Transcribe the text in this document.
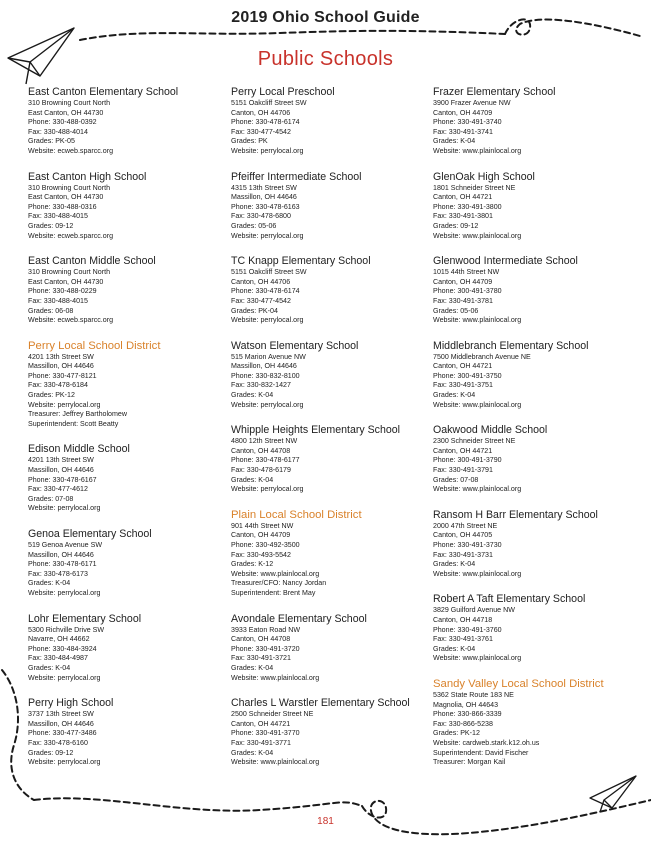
2019 Ohio School Guide
Public Schools
East Canton Elementary School
310 Browning Court North
East Canton, OH 44730
Phone: 330-488-0392
Fax: 330-488-4014
Grades: PK-05
Website: ecweb.sparcc.org
East Canton High School
310 Browning Court North
East Canton, OH 44730
Phone: 330-488-0316
Fax: 330-488-4015
Grades: 09-12
Website: ecweb.sparcc.org
East Canton Middle School
310 Browning Court North
East Canton, OH 44730
Phone: 330-488-0229
Fax: 330-488-4015
Grades: 06-08
Website: ecweb.sparcc.org
Perry Local School District
4201 13th Street SW
Massillon, OH 44646
Phone: 330-477-8121
Fax: 330-478-6184
Grades: PK-12
Website: perrylocal.org
Treasurer: Jeffrey Bartholomew
Superintendent: Scott Beatty
Edison Middle School
4201 13th Street SW
Massillon, OH 44646
Phone: 330-478-6167
Fax: 330-477-4612
Grades: 07-08
Website: perrylocal.org
Genoa Elementary School
519 Genoa Avenue SW
Massillon, OH 44646
Phone: 330-478-6171
Fax: 330-478-6173
Grades: K-04
Website: perrylocal.org
Lohr Elementary School
5300 Richville Drive SW
Navarre, OH 44662
Phone: 330-484-3924
Fax: 330-484-4987
Grades: K-04
Website: perrylocal.org
Perry High School
3737 13th Street SW
Massillon, OH 44646
Phone: 330-477-3486
Fax: 330-478-6160
Grades: 09-12
Website: perrylocal.org
Perry Local Preschool
5151 Oakcliff Street SW
Canton, OH 44706
Phone: 330-478-6174
Fax: 330-477-4542
Grades: PK
Website: perrylocal.org
Pfeiffer Intermediate School
4315 13th Street SW
Massillon, OH 44646
Phone: 330-478-6163
Fax: 330-478-6800
Grades: 05-06
Website: perrylocal.org
TC Knapp Elementary School
5151 Oakcliff Street SW
Canton, OH 44706
Phone: 330-478-6174
Fax: 330-477-4542
Grades: PK-04
Website: perrylocal.org
Watson Elementary School
515 Marion Avenue NW
Massillon, OH 44646
Phone: 330-832-8100
Fax: 330-832-1427
Grades: K-04
Website: perrylocal.org
Whipple Heights Elementary School
4800 12th Street NW
Canton, OH 44708
Phone: 330-478-6177
Fax: 330-478-6179
Grades: K-04
Website: perrylocal.org
Plain Local School District
901 44th Street NW
Canton, OH 44709
Phone: 330-492-3500
Fax: 330-493-5542
Grades: K-12
Website: www.plainlocal.org
Treasurer/CFO: Nancy Jordan
Superintendent: Brent May
Avondale Elementary School
3933 Eaton Road NW
Canton, OH 44708
Phone: 330-491-3720
Fax: 330-491-3721
Grades: K-04
Website: www.plainlocal.org
Charles L Warstler Elementary School
2500 Schneider Street NE
Canton, OH 44721
Phone: 330-491-3770
Fax: 330-491-3771
Grades: K-04
Website: www.plainlocal.org
Frazer Elementary School
3900 Frazer Avenue NW
Canton, OH 44709
Phone: 330-491-3740
Fax: 330-491-3741
Grades: K-04
Website: www.plainlocal.org
GlenOak High School
1801 Schneider Street NE
Canton, OH 44721
Phone: 330-491-3800
Fax: 330-491-3801
Grades: 09-12
Website: www.plainlocal.org
Glenwood Intermediate School
1015 44th Street NW
Canton, OH 44709
Phone: 300-491-3780
Fax: 330-491-3781
Grades: 05-06
Website: www.plainlocal.org
Middlebranch Elementary School
7500 Middlebranch Avenue NE
Canton, OH 44721
Phone: 300-491-3750
Fax: 330-491-3751
Grades: K-04
Website: www.plainlocal.org
Oakwood Middle School
2300 Schneider Street NE
Canton, OH 44721
Phone: 300-491-3790
Fax: 330-491-3791
Grades: 07-08
Website: www.plainlocal.org
Ransom H Barr Elementary School
2000 47th Street NE
Canton, OH 44705
Phone: 330-491-3730
Fax: 330-491-3731
Grades: K-04
Website: www.plainlocal.org
Robert A Taft Elementary School
3829 Guilford Avenue NW
Canton, OH 44718
Phone: 330-491-3760
Fax: 330-491-3761
Grades: K-04
Website: www.plainlocal.org
Sandy Valley Local School District
5362 State Route 183 NE
Magnolia, OH 44643
Phone: 330-866-3339
Fax: 330-866-5238
Grades: PK-12
Website: cardweb.stark.k12.oh.us
Superintendent: David Fischer
Treasurer: Morgan Kail
181
